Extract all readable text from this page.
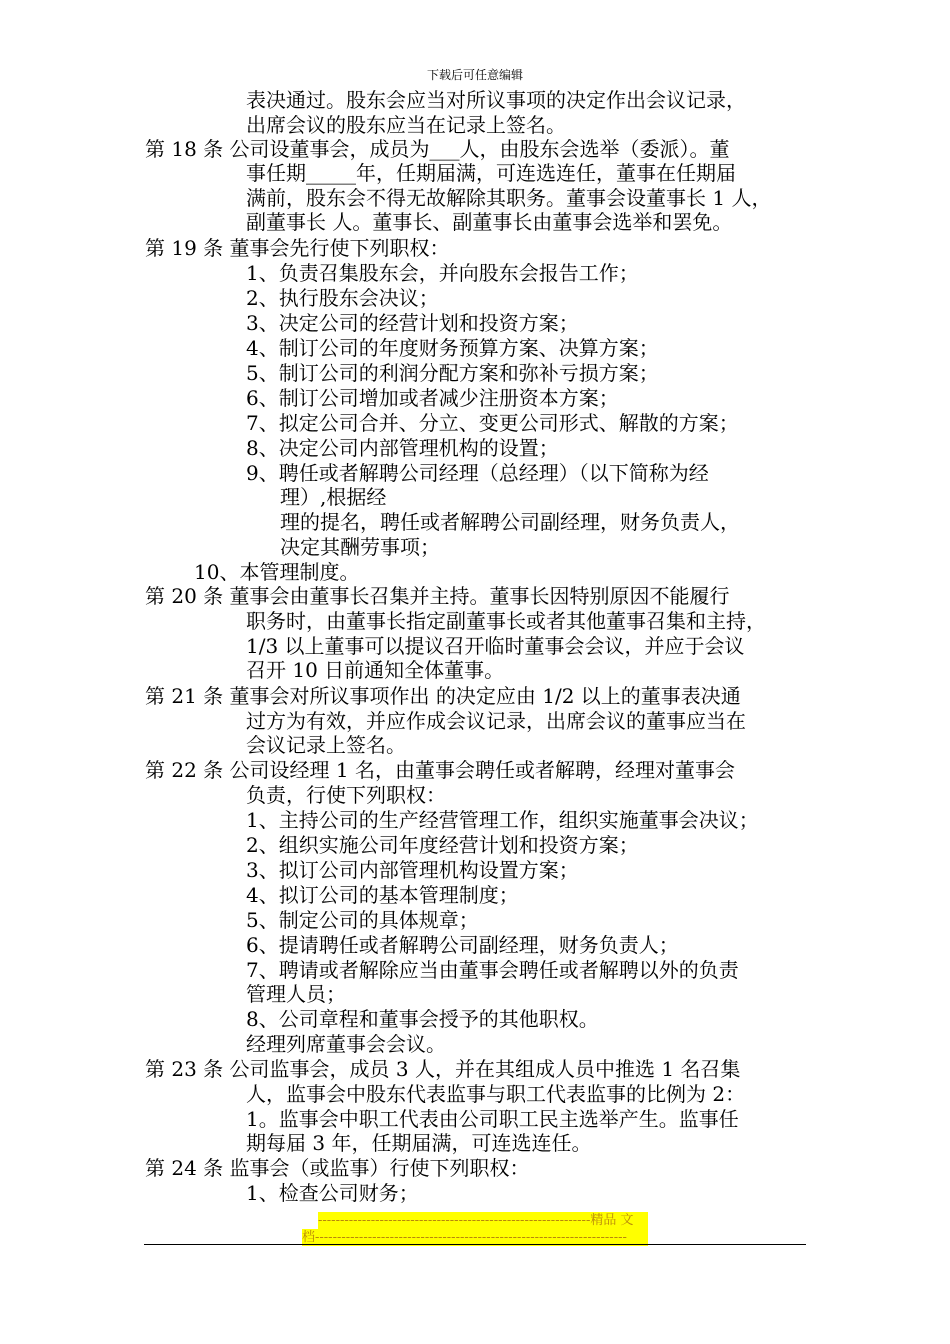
下载后可任意编辑
表决通过。股东会应当对所议事项的决定作出会议记录，
出席会议的股东应当在记录上签名。
第 18 条 公司设董事会，成员为___人，由股东会选举（委派）。董
事任期_____年，任期届满，可连选连任，董事在任期届
满前，股东会不得无故解除其职务。董事会设董事长 1 人，
副董事长 人。董事长、副董事长由董事会选举和罢免。
第 19 条 董事会先行使下列职权：
1、负责召集股东会，并向股东会报告工作；
2、执行股东会决议；
3、决定公司的经营计划和投资方案；
4、制订公司的年度财务预算方案、决算方案；
5、制订公司的利润分配方案和弥补亏损方案；
6、制订公司增加或者减少注册资本方案；
7、拟定公司合并、分立、变更公司形式、解散的方案；
8、决定公司内部管理机构的设置；
9、聘任或者解聘公司经理（总经理）（以下简称为经
理）,根据经
理的提名，聘任或者解聘公司副经理，财务负责人，
决定其酬劳事项；
10、本管理制度。
第 20 条 董事会由董事长召集并主持。董事长因特别原因不能履行
职务时，由董事长指定副董事长或者其他董事召集和主持，
1/3 以上董事可以提议召开临时董事会会议，并应于会议
召开 10 日前通知全体董事。
第 21 条 董事会对所议事项作出 的决定应由 1/2 以上的董事表决通
过方为有效，并应作成会议记录，出席会议的董事应当在
会议记录上签名。
第 22 条 公司设经理 1 名，由董事会聘任或者解聘，经理对董事会
负责，行使下列职权：
1、主持公司的生产经营管理工作，组织实施董事会决议；
2、组织实施公司年度经营计划和投资方案；
3、拟订公司内部管理机构设置方案；
4、拟订公司的基本管理制度；
5、制定公司的具体规章；
6、提请聘任或者解聘公司副经理，财务负责人；
7、聘请或者解除应当由董事会聘任或者解聘以外的负责
管理人员；
8、公司章程和董事会授予的其他职权。
经理列席董事会会议。
第 23 条 公司监事会，成员 3 人，并在其组成人员中推选 1 名召集
人，监事会中股东代表监事与职工代表监事的比例为 2：
1。监事会中职工代表由公司职工民主选举产生。监事任
期每届 3 年，任期届满，可连选连任。
第 24 条 监事会（或监事）行使下列职权：
1、检查公司财务；
--------------------------------------------------------------精品 文
档-----------------------------------------------------------------------
